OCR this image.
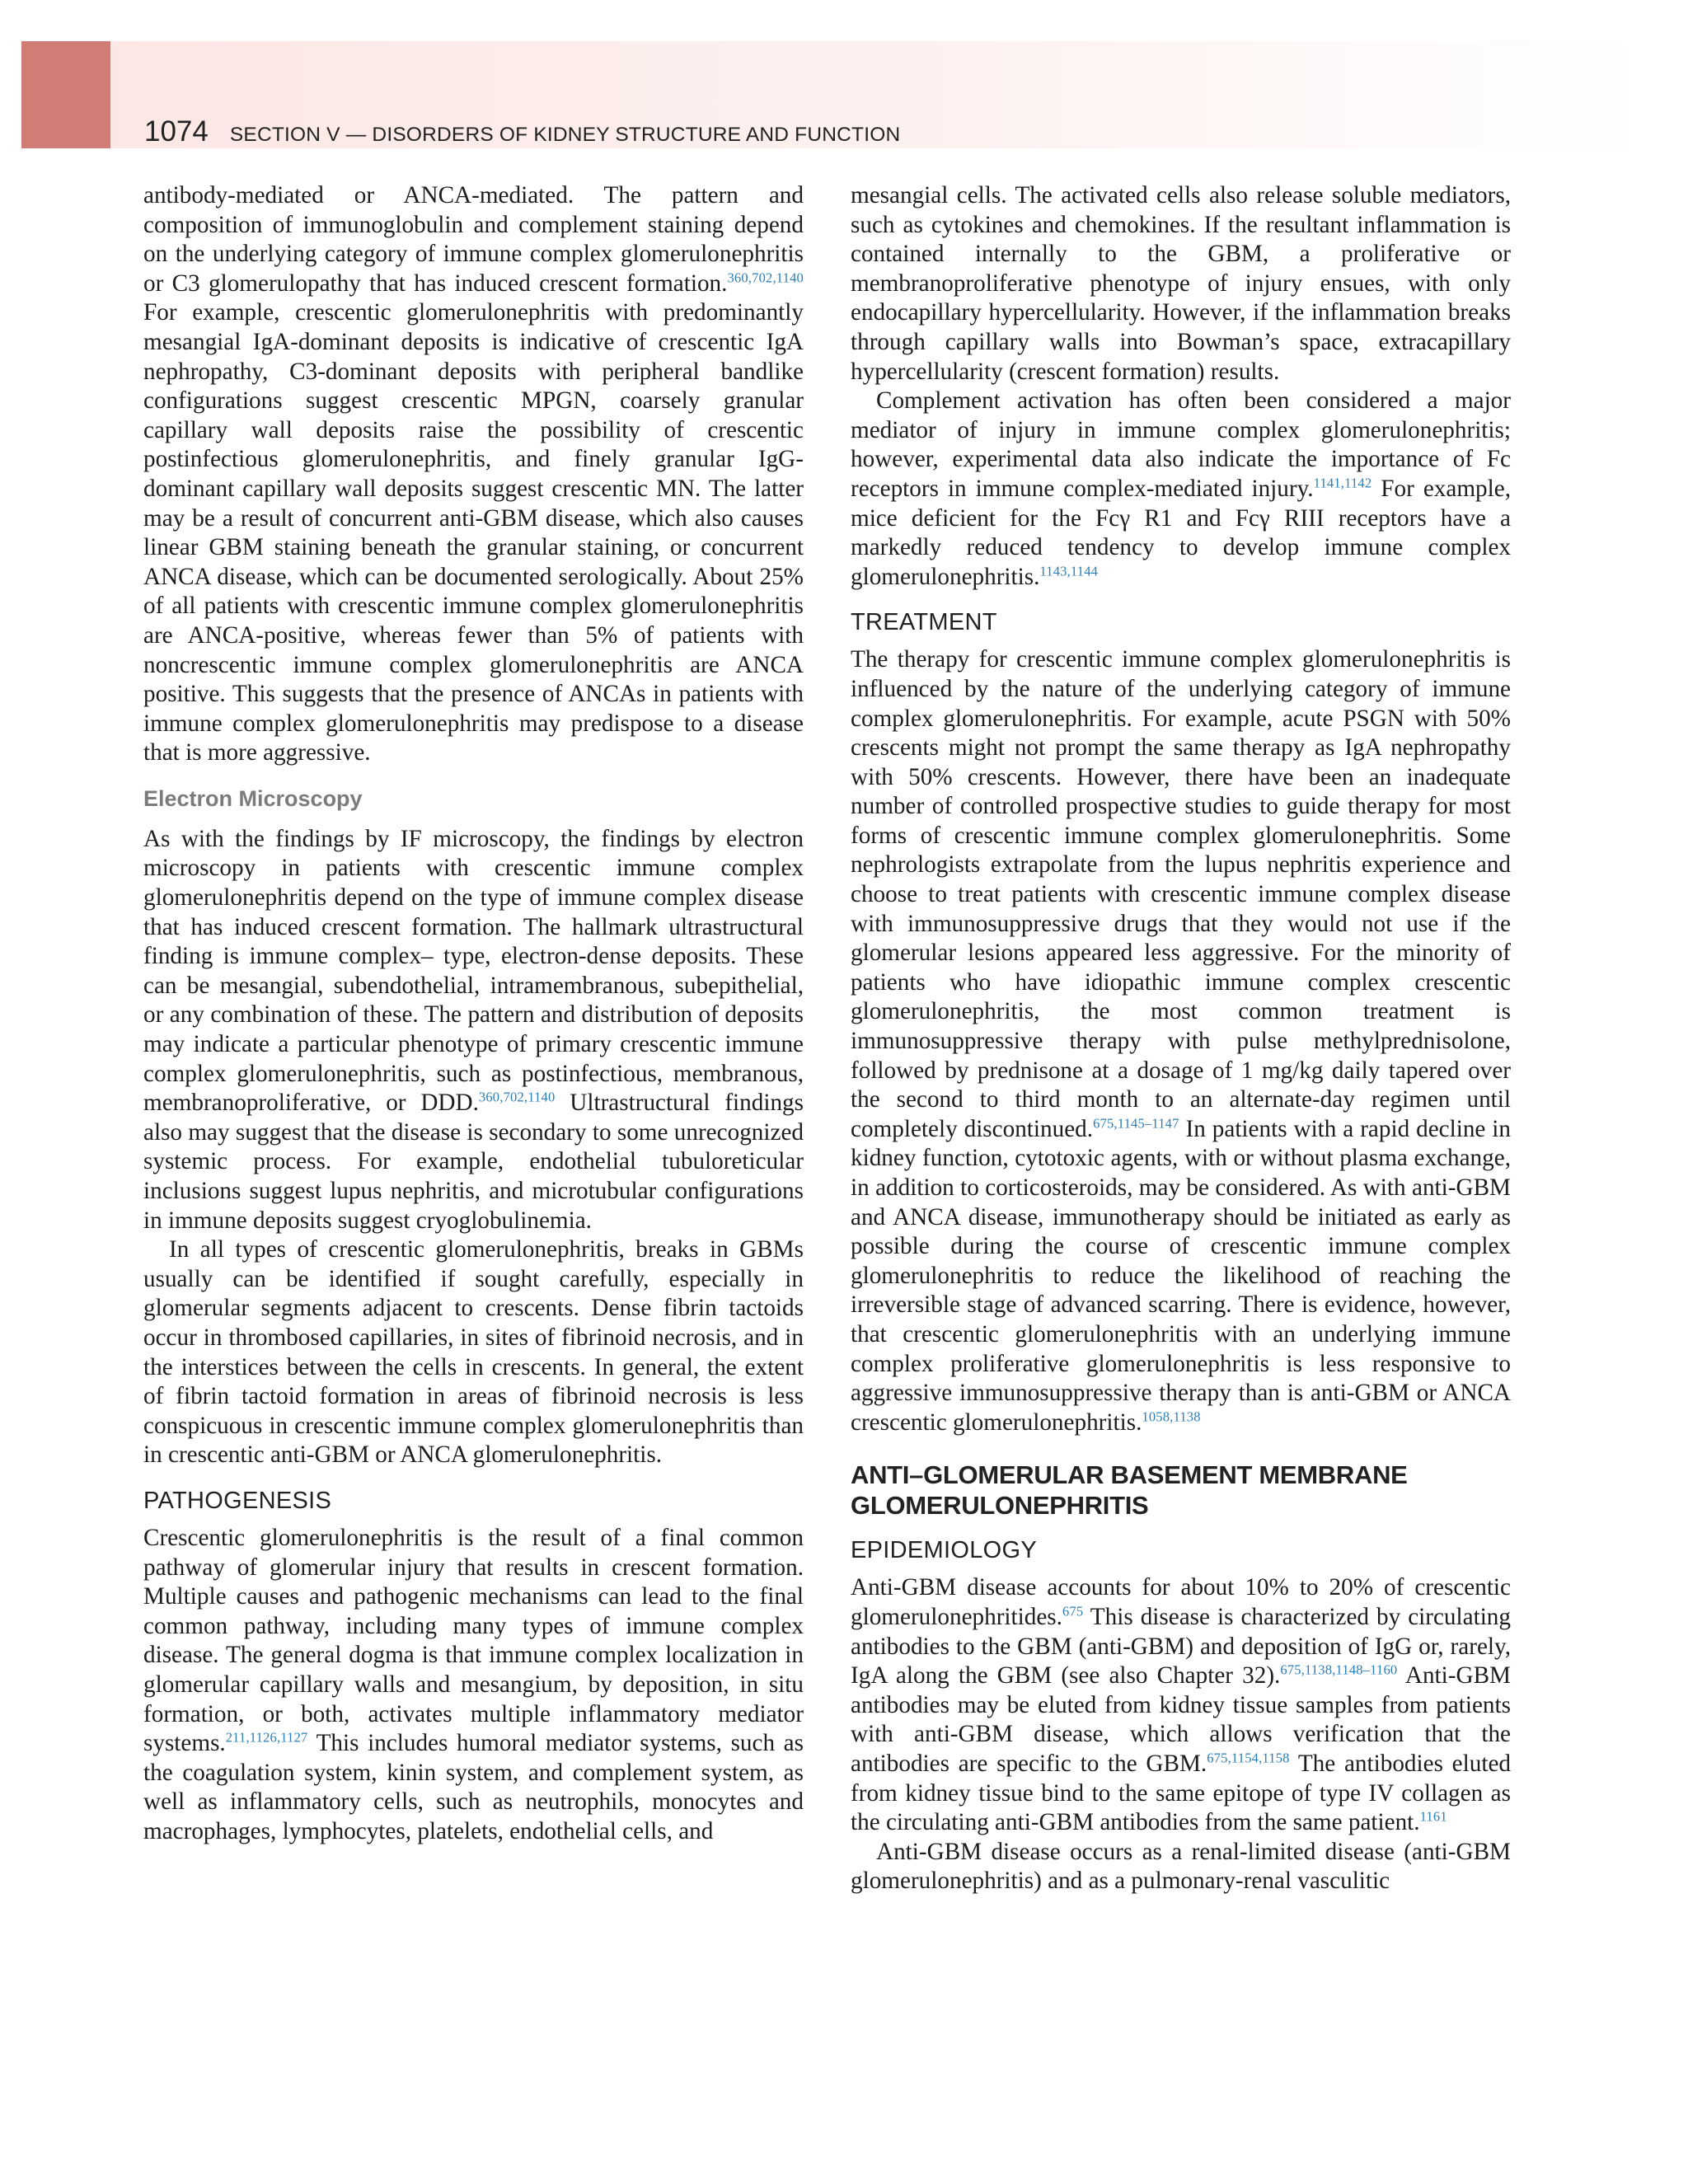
1074 SECTION V — DISORDERS OF KIDNEY STRUCTURE AND FUNCTION

antibody-mediated or ANCA-mediated. The pattern and composition of immunoglobulin and complement staining depend on the underlying category of immune complex glomerulonephritis or C3 glomerulopathy that has induced crescent formation.$^{360,702,1140}$ For example, crescentic glomerulonephritis with predominantly mesangial IgA-dominant deposits is indicative of crescentic IgA nephropathy, C3-dominant deposits with peripheral bandlike configurations suggest crescentic MPGN, coarsely granular capillary wall deposits raise the possibility of crescentic postinfectious glomerulonephritis, and finely granular IgG-dominant capillary wall deposits suggest crescentic MN. The latter may be a result of concurrent anti-GBM disease, which also causes linear GBM staining beneath the granular staining, or concurrent ANCA disease, which can be documented serologically. About 25% of all patients with crescentic immune complex glomerulonephritis are ANCA-positive, whereas fewer than 5% of patients with noncrescentic immune complex glomerulonephritis are ANCA positive. This suggests that the presence of ANCAs in patients with immune complex glomerulonephritis may predispose to a disease that is more aggressive.

Electron Microscopy

As with the findings by IF microscopy, the findings by electron microscopy in patients with crescentic immune complex glomerulonephritis depend on the type of immune complex disease that has induced crescent formation. The hallmark ultrastructural finding is immune complex– type, electron-dense deposits. These can be mesangial, subendothelial, intramembranous, subepithelial, or any combination of these. The pattern and distribution of deposits may indicate a particular phenotype of primary crescentic immune complex glomerulonephritis, such as postinfectious, membranous, membranoproliferative, or DDD.$^{360,702,1140}$ Ultrastructural findings also may suggest that the disease is secondary to some unrecognized systemic process. For example, endothelial tubuloreticular inclusions suggest lupus nephritis, and microtubular configurations in immune deposits suggest cryoglobulinemia.

In all types of crescentic glomerulonephritis, breaks in GBMs usually can be identified if sought carefully, especially in glomerular segments adjacent to crescents. Dense fibrin tactoids occur in thrombosed capillaries, in sites of fibrinoid necrosis, and in the interstices between the cells in crescents. In general, the extent of fibrin tactoid formation in areas of fibrinoid necrosis is less conspicuous in crescentic immune complex glomerulonephritis than in crescentic anti-GBM or ANCA glomerulonephritis.

PATHOGENESIS

Crescentic glomerulonephritis is the result of a final common pathway of glomerular injury that results in crescent formation. Multiple causes and pathogenic mechanisms can lead to the final common pathway, including many types of immune complex disease. The general dogma is that immune complex localization in glomerular capillary walls and mesangium, by deposition, in situ formation, or both, activates multiple inflammatory mediator systems.$^{211,1126,1127}$ This includes humoral mediator systems, such as the coagulation system, kinin system, and complement system, as well as inflammatory cells, such as neutrophils, monocytes and macrophages, lymphocytes, platelets, endothelial cells, and

mesangial cells. The activated cells also release soluble mediators, such as cytokines and chemokines. If the resultant inflammation is contained internally to the GBM, a proliferative or membranoproliferative phenotype of injury ensues, with only endocapillary hypercellularity. However, if the inflammation breaks through capillary walls into Bowman’s space, extracapillary hypercellularity (crescent formation) results.

Complement activation has often been considered a major mediator of injury in immune complex glomerulonephritis; however, experimental data also indicate the importance of Fc receptors in immune complex-mediated injury.$^{1141,1142}$ For example, mice deficient for the Fcγ R1 and Fcγ RIII receptors have a markedly reduced tendency to develop immune complex glomerulonephritis.$^{1143,1144}$

TREATMENT

The therapy for crescentic immune complex glomerulonephritis is influenced by the nature of the underlying category of immune complex glomerulonephritis. For example, acute PSGN with 50% crescents might not prompt the same therapy as IgA nephropathy with 50% crescents. However, there have been an inadequate number of controlled prospective studies to guide therapy for most forms of crescentic immune complex glomerulonephritis. Some nephrologists extrapolate from the lupus nephritis experience and choose to treat patients with crescentic immune complex disease with immunosuppressive drugs that they would not use if the glomerular lesions appeared less aggressive. For the minority of patients who have idiopathic immune complex crescentic glomerulonephritis, the most common treatment is immunosuppressive therapy with pulse methylprednisolone, followed by prednisone at a dosage of 1 mg/kg daily tapered over the second to third month to an alternate-day regimen until completely discontinued.$^{675,1145-1147}$ In patients with a rapid decline in kidney function, cytotoxic agents, with or without plasma exchange, in addition to corticosteroids, may be considered. As with anti-GBM and ANCA disease, immunotherapy should be initiated as early as possible during the course of crescentic immune complex glomerulonephritis to reduce the likelihood of reaching the irreversible stage of advanced scarring. There is evidence, however, that crescentic glomerulonephritis with an underlying immune complex proliferative glomerulonephritis is less responsive to aggressive immunosuppressive therapy than is anti-GBM or ANCA crescentic glomerulonephritis.$^{1058,1138}$

ANTI–GLOMERULAR BASEMENT MEMBRANE
GLOMERULONEPHRITIS
EPIDEMIOLOGY

Anti-GBM disease accounts for about 10% to 20% of crescentic glomerulonephritides.$^{675}$ This disease is characterized by circulating antibodies to the GBM (anti-GBM) and deposition of IgG or, rarely, IgA along the GBM (see also Chapter 32).$^{675,1138,1148-1160}$ Anti-GBM antibodies may be eluted from kidney tissue samples from patients with anti-GBM disease, which allows verification that the antibodies are specific to the GBM.$^{675,1154,1158}$ The antibodies eluted from kidney tissue bind to the same epitope of type IV collagen as the circulating anti-GBM antibodies from the same patient.$^{1161}$

Anti-GBM disease occurs as a renal-limited disease (anti-GBM glomerulonephritis) and as a pulmonary-renal vasculitic
